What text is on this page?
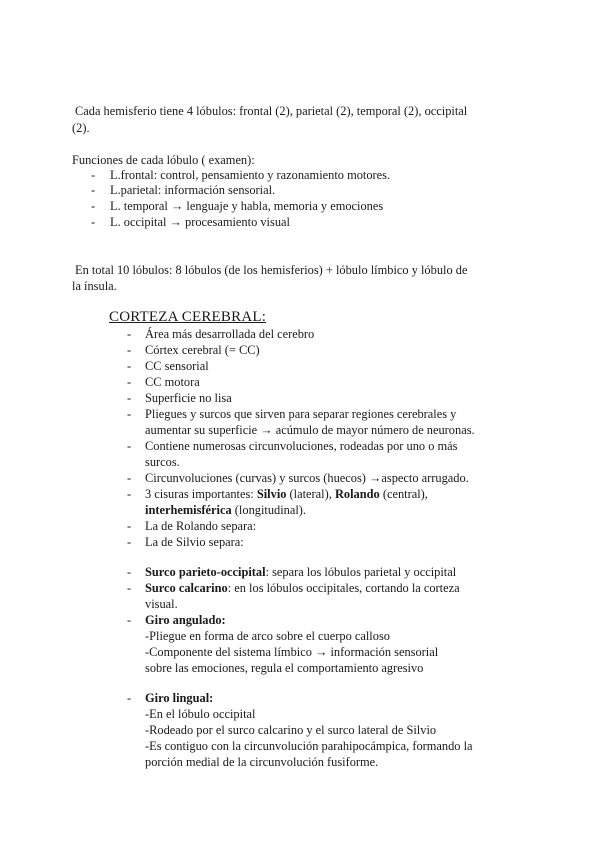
Cada hemisferio tiene 4 lóbulos: frontal (2), parietal (2), temporal (2), occipital
(2).
Funciones de cada lóbulo ( examen):
- L.frontal: control, pensamiento y razonamiento motores.
- L.parietal: información sensorial.
- L. temporal → lenguaje y habla, memoria y emociones
- L. occipital → procesamiento visual
En total 10 lóbulos: 8 lóbulos (de los hemisferios) + lóbulo límbico y lóbulo de
la ínsula.
CORTEZA CEREBRAL:
- Área más desarrollada del cerebro
- Córtex cerebral (= CC)
- CC sensorial
- CC motora
- Superficie no lisa
- Pliegues y surcos que sirven para separar regiones cerebrales y
aumentar su superficie → acúmulo de mayor número de neuronas.
- Contiene numerosas circunvoluciones, rodeadas por uno o más
surcos.
- Circunvoluciones (curvas) y surcos (huecos) →aspecto arrugado.
- 3 cisuras importantes: Silvio (lateral), Rolando (central),
interhemisférica (longitudinal).
- La de Rolando separa:
- La de Silvio separa:
- Surco parieto-occipital: separa los lóbulos parietal y occipital
- Surco calcarino: en los lóbulos occipitales, cortando la corteza
visual.
- Giro angulado:
-Pliegue en forma de arco sobre el cuerpo calloso
-Componente del sistema límbico → información sensorial
sobre las emociones, regula el comportamiento agresivo
- Giro lingual:
-En el lóbulo occipital
-Rodeado por el surco calcarino y el surco lateral de Silvio
-Es contiguo con la circunvolución parahipocámpica, formando la
porción medial de la circunvolución fusiforme.
